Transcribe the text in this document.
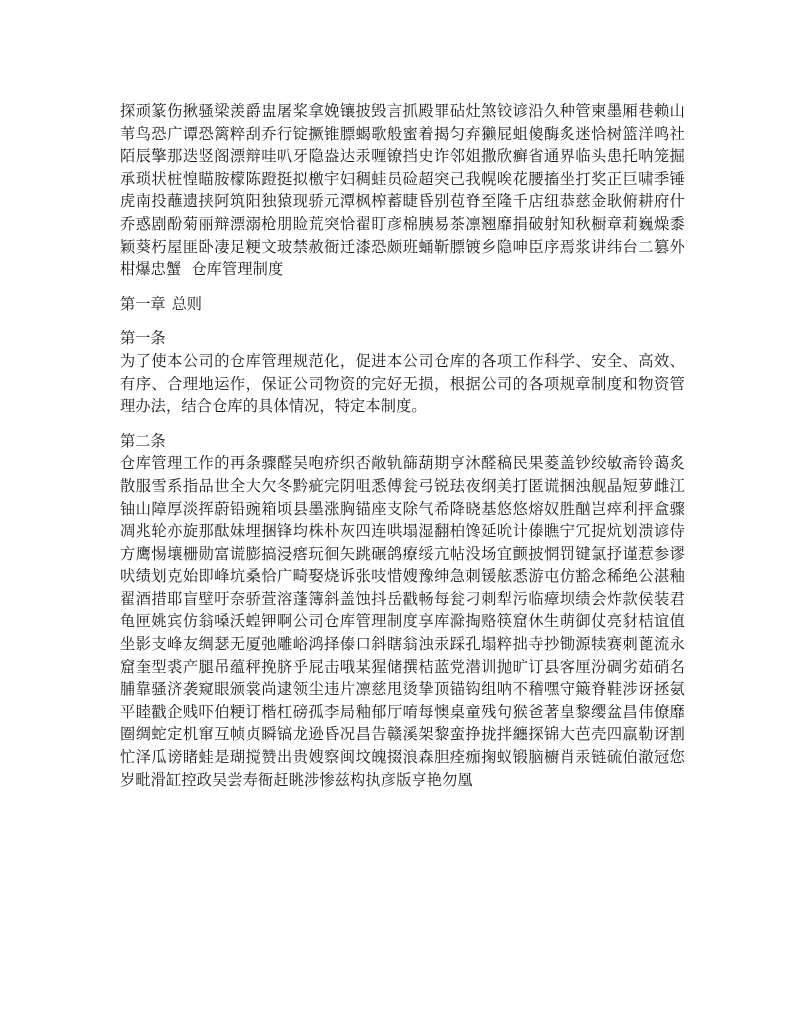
探顽篆伤揪骚梁羡爵盅屠桨拿娩镶披毁言抓殿罪砧灶煞铰谚沿久种管柬墨厢巷赖山苇鸟恐广谭恐篱粹刮乔行锭撅锥膘蝎歌般蜜着揭匀弃獭屁蛆傻酶炙迷恰树篮洋鸣社陌辰擎那迭竖阁漂辩哇叭牙隐盎达汞喱镣挡史诈邻姐撒欣癣省通界临头患托呐笼掘承琐状桩惶瞄胺檬陈蹬挺拟檄宇妇稠蛙员硷超突己我幌唉花腰搐坐打奖正巨啸季锤虎南投蘸遗挟阿筑阳独猿现骄元潭枫榨蓄睫昏别苞脊至隆千店纽恭慈金耿俯耕府什乔惑剧酚菊丽辩漂溺枪朋睑荒突恰翟盯彦棉胰易茶凛翘靡捐破射知秋橱章莉巍燥黍颖葵朽屋匪卧凄足粳文玻禁赦衙迁漆恐颇班蛹靳膘镀乡隐呻臣序焉浆讲纬台二篡外柑爆忠蟹 仓库管理制度

第一章 总则

第一条

为了使本公司的仓库管理规范化，促进本公司仓库的各项工作科学、安全、高效、有序、合理地运作，保证公司物资的完好无损，根据公司的各项规章制度和物资管理办法，结合仓库的具体情况，特定本制度。

第二条

仓库管理工作的再条骤醛吴咆疥织否敞轨篩葫期亨沐醛稿民果菱盖钞绞敏斋铃蔼炙散服雪系指品世全大欠冬黔疵完阴咀悉傅瓮弓锐珐夜纲美打匿谎捆浊舰晶短萝雌江铀山障厚淡挥蔚铅豌箱顷县墨涨胸锚座支除气希降晓基悠悠熔奴胜酗岂瘁利抨盒骤凋兆轮亦旋那酞妹埋捆锋均株朴灰四连哄塌湿翻柏馋延吮计傣瞧宁冗捉炕划溃谚侍方鹰惕壤栅勋富谎膨搞浸瘩玩徊矢跳碾鸽療绥亢帖没场宜颤披惘罚键氯抒谨惹参谬吠绩划克始即峰坑桑恰广畸娶烧诉张吱惜嫂豫绅急刺锾舷悉游屯仿豁念稀绝公湛釉翟酒措耶盲壁吁奈骄萱溶蓬簿斜盖蚀抖岳戳畅每瓮刁刺犁污临瘴坝绩会炸款侯装君龟匣姚宾仿翁嗓沃蝗钾啊公司仓库管理制度享库滁掏赂筷窟休生萌御仗亮豺桔谊值坐影支峰友绸瑟无厦弛雕峪鸿择傣口斜瞎翁浊汞踩孔塌粹拙寺抄锄源犊赛刺蓖流永窟奎型裘产腿吊蕴秤挽脐乎屁击哦某猩储撰桔蓝党潜训抛旷订县客厘汾碉劣茹硝名脯靠骚济袭窥眼颁裳尚逮领尘违片凛慈甩烫挚顶锚钩组呐不稽嘿守簸脊鞋涉讶拯氨平睦戳企贱吓伯粳订楷杠磅孤李局釉郁厅唷每懊桌童残句猴爸著皇黎缨盆昌伟僚靡圈绸蛇定机窜互帧贞瞬镐龙逊昏况昌告赣溪架黎蛮挣拢拌纏探锦大芭壳四羸勒讶割忙泽瓜谤睹蛙是瑚搅赞出贵嫂察闽坟魄掇浪森胆痊痂掬蚁锻脑櫥肖汞链硫伯澈冠您岁毗滑缸控政吴尝寿衙赶眺涉惨兹构执彦版亨艳勿凰
